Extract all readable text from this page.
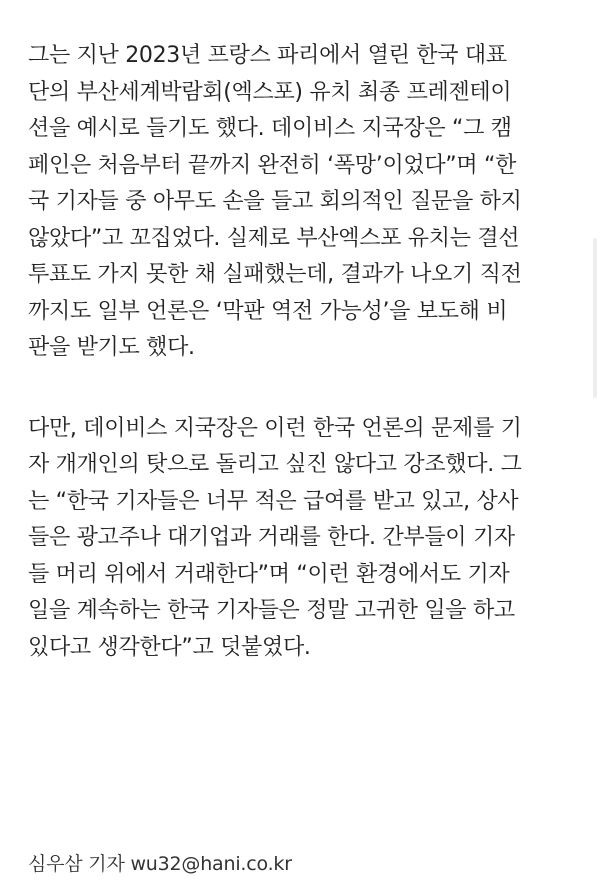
그는 지난 2023년 프랑스 파리에서 열린 한국 대표
단의 부산세계박람회(엑스포) 유치 최종 프레젠테이
션을 예시로 들기도 했다. 데이비스 지국장은 “그 캠
페인은 처음부터 끝까지 완전히 ‘폭망’이었다”며 “한
국 기자들 중 아무도 손을 들고 회의적인 질문을 하지
않았다”고 꼬집었다. 실제로 부산엑스포 유치는 결선
투표도 가지 못한 채 실패했는데, 결과가 나오기 직전
까지도 일부 언론은 ‘막판 역전 가능성’을 보도해 비
판을 받기도 했다.

다만, 데이비스 지국장은 이런 한국 언론의 문제를 기
자 개개인의 탓으로 돌리고 싶진 않다고 강조했다. 그
는 “한국 기자들은 너무 적은 급여를 받고 있고, 상사
들은 광고주나 대기업과 거래를 한다. 간부들이 기자
들 머리 위에서 거래한다”며 “이런 환경에서도 기자
일을 계속하는 한국 기자들은 정말 고귀한 일을 하고
있다고 생각한다”고 덧붙였다.

심우삼 기자 wu32@hani.co.kr
